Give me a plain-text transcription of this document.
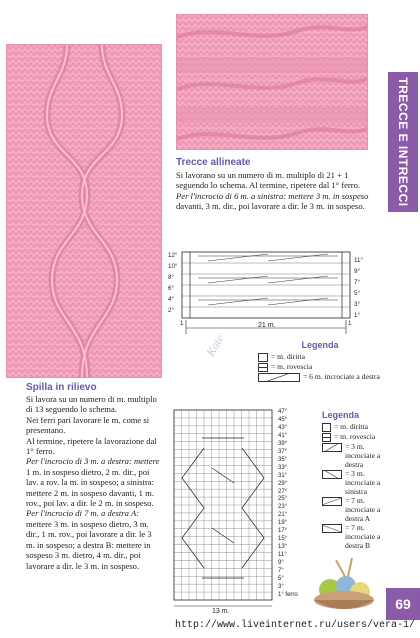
TRECCE E INTRECCI
69
Trecce allineate
Si lavorano su un numero di m. multiplo di 21 + 1
seguendo lo schema. Al termine, ripetere dal 1° ferro.
Per l'incrocio di 6 m. a sinistra: mettere 3 m. in sospeso
davanti, 3 m. dir., poi lavorare a dir. le 3 m. in sospeso.
12°
10°
8°
6°
4°
2°
11°
9°
7°
5°
3°
1°
1	1
21 m.
Kate	Legenda
= m. diritta
= m. rovescia
= 6 m. incrociate a destra
Spilla in rilievo
Si lavora su un numero di m. multiplo
di 13 seguendo lo schema.
Nei ferri pari lavorare le m. come si
presentano.
Al termine, ripetere la lavorazione dal
1° ferro.
Per l'incrocio di 3 m. a destra: mettere
1 m. in sospeso dietro, 2 m. dir., poi
lav. a rov. la m. in sospeso; a sinistra:
mettere 2 m. in sospeso davanti, 1 m.
rov., poi lav. a dir. le 2 m. in sospeso.
Per l'incrocio di 7 m. a destra A:
mettere 3 m. in sospeso dietro, 3 m.
dir., 1 m. rov., poi lavorare a dir. le 3
m. in sospeso; a destra B: mettere in
sospeso 3 m. dietro, 4 m. dir., poi
lavorare a dir. le 3 m. in sospeso.
47°
45°
43°
41°
39°
37°
35°
33°
31°
29°
27°
25°
23°
21°
19°
17°
15°
13°
11°
9°
7°
5°
3°
1° ferro
13 m.
Legenda
= m. diritta
= m. rovescia
= 3 m. incrociate a destra
= 3 m. incrociate a sinistra
= 7 m. incrociate a destra A
= 7 m. incrociate a destra B
http://www.liveinternet.ru/users/vera-1/
